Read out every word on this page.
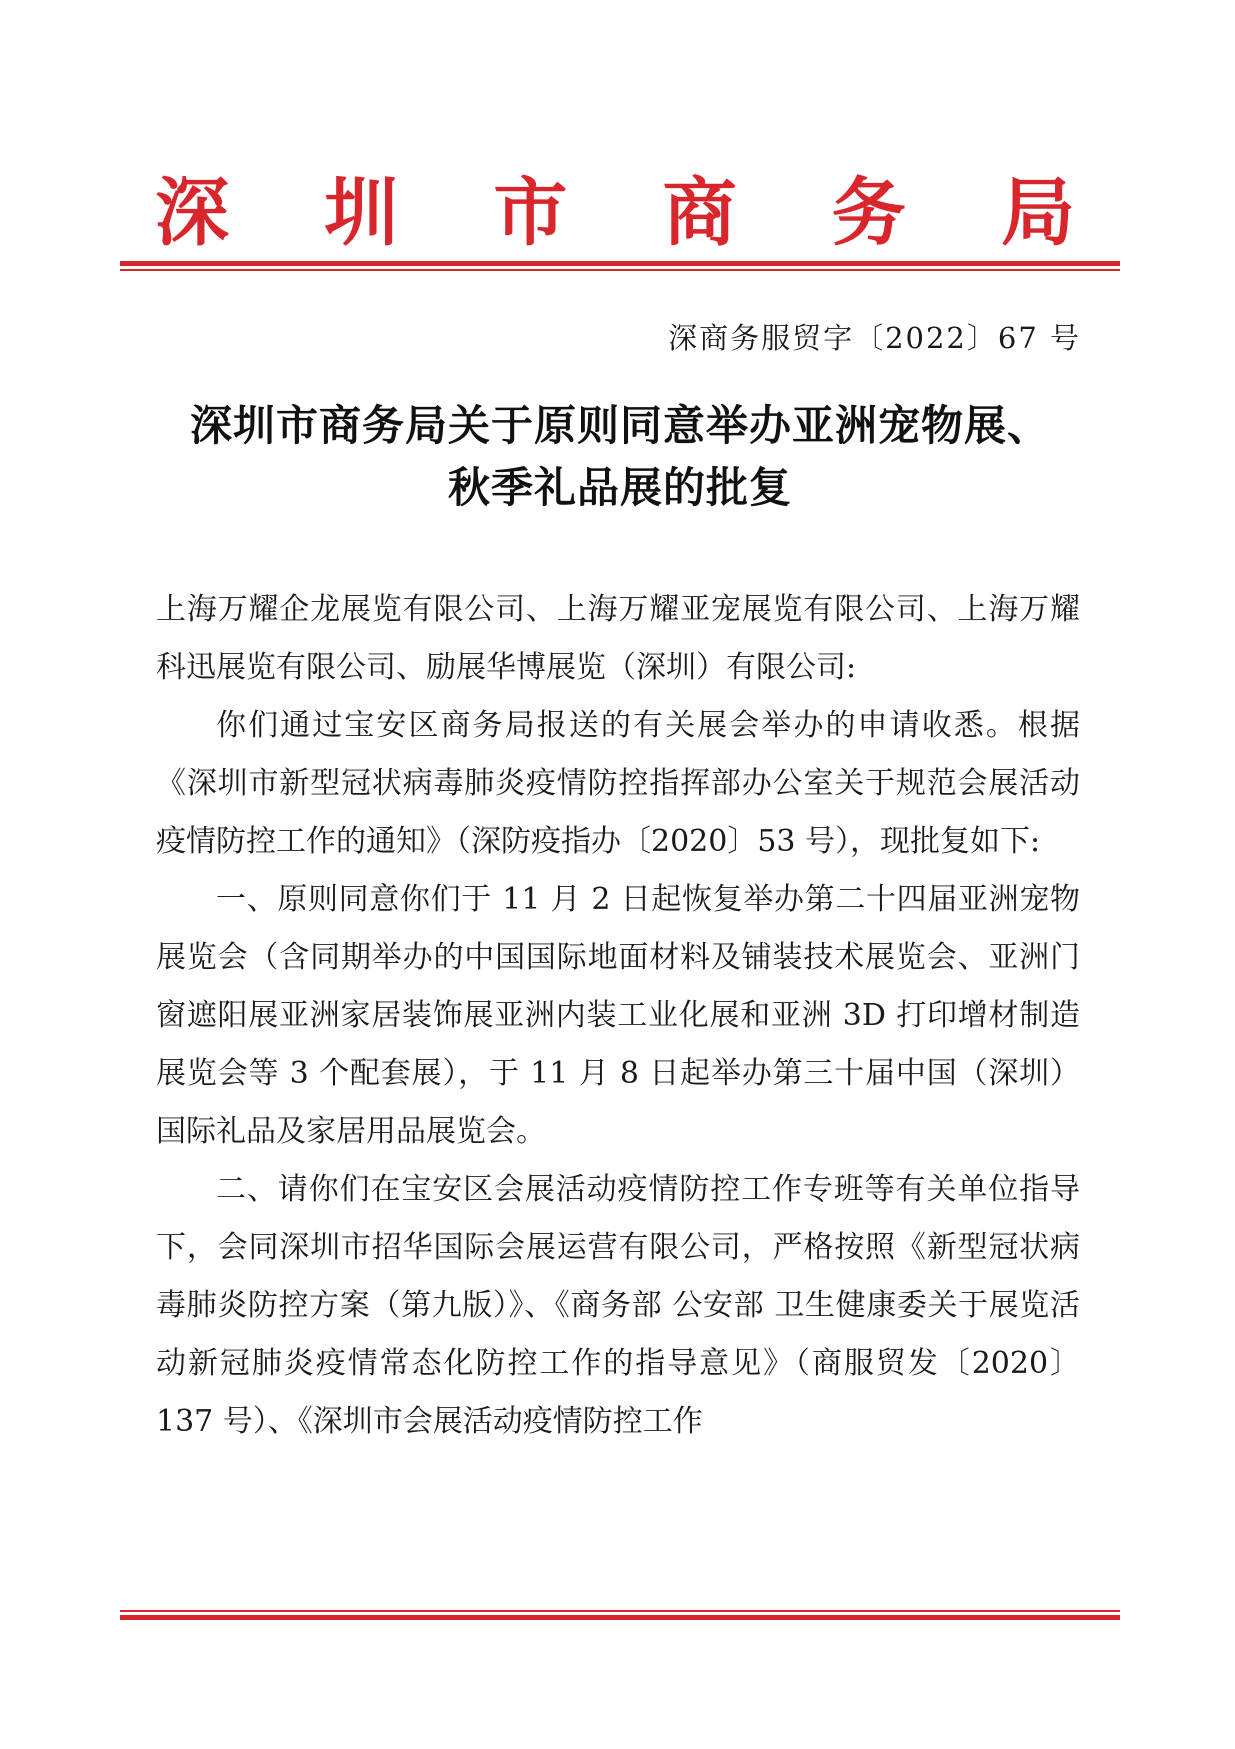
深 圳 市 商 务 局
深商务服贸字〔2022〕67 号
深圳市商务局关于原则同意举办亚洲宠物展、
秋季礼品展的批复

上海万耀企龙展览有限公司、上海万耀亚宠展览有限公司、上海万耀科迅展览有限公司、励展华博展览（深圳）有限公司:

你们通过宝安区商务局报送的有关展会举办的申请收悉。根据《深圳市新型冠状病毒肺炎疫情防控指挥部办公室关于规范会展活动疫情防控工作的通知》（深防疫指办〔2020〕53 号），现批复如下:

一、原则同意你们于 11 月 2 日起恢复举办第二十四届亚洲宠物展览会（含同期举办的中国国际地面材料及铺装技术展览会、亚洲门窗遮阳展亚洲家居装饰展亚洲内装工业化展和亚洲 3D 打印增材制造展览会等 3 个配套展），于 11 月 8 日起举办第三十届中国（深圳）国际礼品及家居用品展览会。

二、请你们在宝安区会展活动疫情防控工作专班等有关单位指导下，会同深圳市招华国际会展运营有限公司，严格按照《新型冠状病毒肺炎防控方案（第九版）》、《商务部 公安部 卫生健康委关于展览活动新冠肺炎疫情常态化防控工作的指导意见》（商服贸发〔2020〕137 号）、《深圳市会展活动疫情防控工作
